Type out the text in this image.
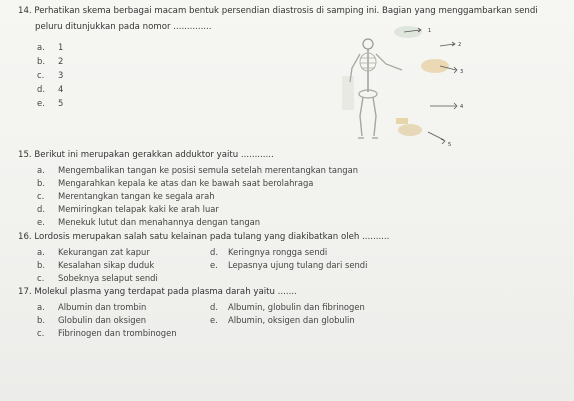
14. Perhatikan skema berbagai macam bentuk persendian diastrosis di samping ini. Bagian yang menggambarkan sendi
peluru ditunjukkan pada nomor ..............
a. 1
b. 2
c. 3
d. 4
e. 5
1
2
3
4
5
15. Berikut ini merupakan gerakkan adduktor yaitu ............
a. Mengembalikan tangan ke posisi semula setelah merentangkan tangan
b. Mengarahkan kepala ke atas dan ke bawah saat berolahraga
c. Merentangkan tangan ke segala arah
d. Memiringkan telapak kaki ke arah luar
e. Menekuk lutut dan menahannya dengan tangan
16. Lordosis merupakan salah satu kelainan pada tulang yang diakibatkan oleh ..........
a. Kekurangan zat kapur	d. Keringnya rongga sendi
b. Kesalahan sikap duduk	e. Lepasnya ujung tulang dari sendi
c. Sobeknya selaput sendi
17. Molekul plasma yang terdapat pada plasma darah yaitu .......
a. Albumin dan trombin	d. Albumin, globulin dan fibrinogen
b. Globulin dan oksigen	e. Albumin, oksigen dan globulin
c. Fibrinogen dan trombinogen
